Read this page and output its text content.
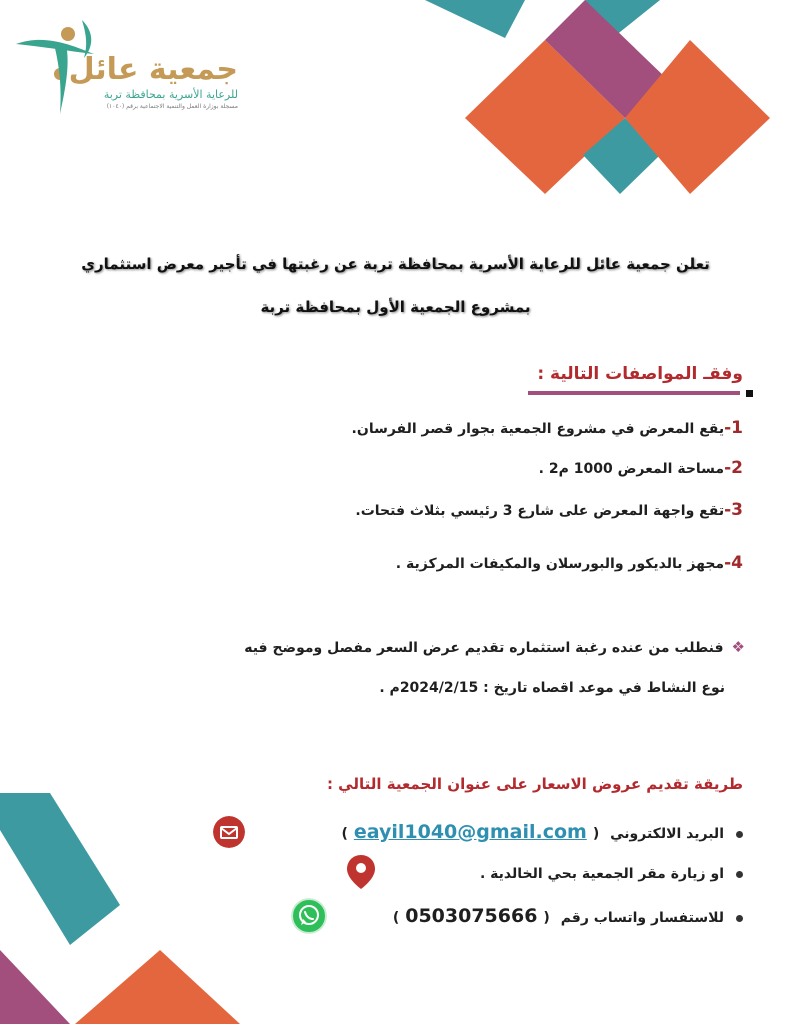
جمعية عائل
للرعاية الأسرية بمحافظة تربة
مسجلة بوزارة العمل والتنمية الاجتماعية برقم (١٠٤٠)
تعلن جمعية عائل للرعاية الأسرية بمحافظة تربة عن رغبتها في تأجير معرض استثماري
بمشروع الجمعية الأول بمحافظة تربة
وفقـ المواصفات التالية :
1-يقع المعرض في مشروع الجمعية بجوار قصر الفرسان.
2-مساحة المعرض 1000 م2 .
3-تقع واجهة المعرض على شارع 3 رئيسي بثلاث فتحات.
4-مجهز بالديكور والبورسلان والمكيفات المركزية .
❖فنطلب من عنده رغبة استثماره تقديم عرض السعر مفصل وموضح فيه
نوع النشاط في موعد اقصاه تاريخ : 2024/2/15م .
طريقة تقديم عروض الاسعار على عنوان الجمعية التالي :
البريد الالكتروني (eayil1040@gmail.com)
او زيارة مقر الجمعية بحي الخالدية .
للاستفسار واتساب رقم (0503075666)
